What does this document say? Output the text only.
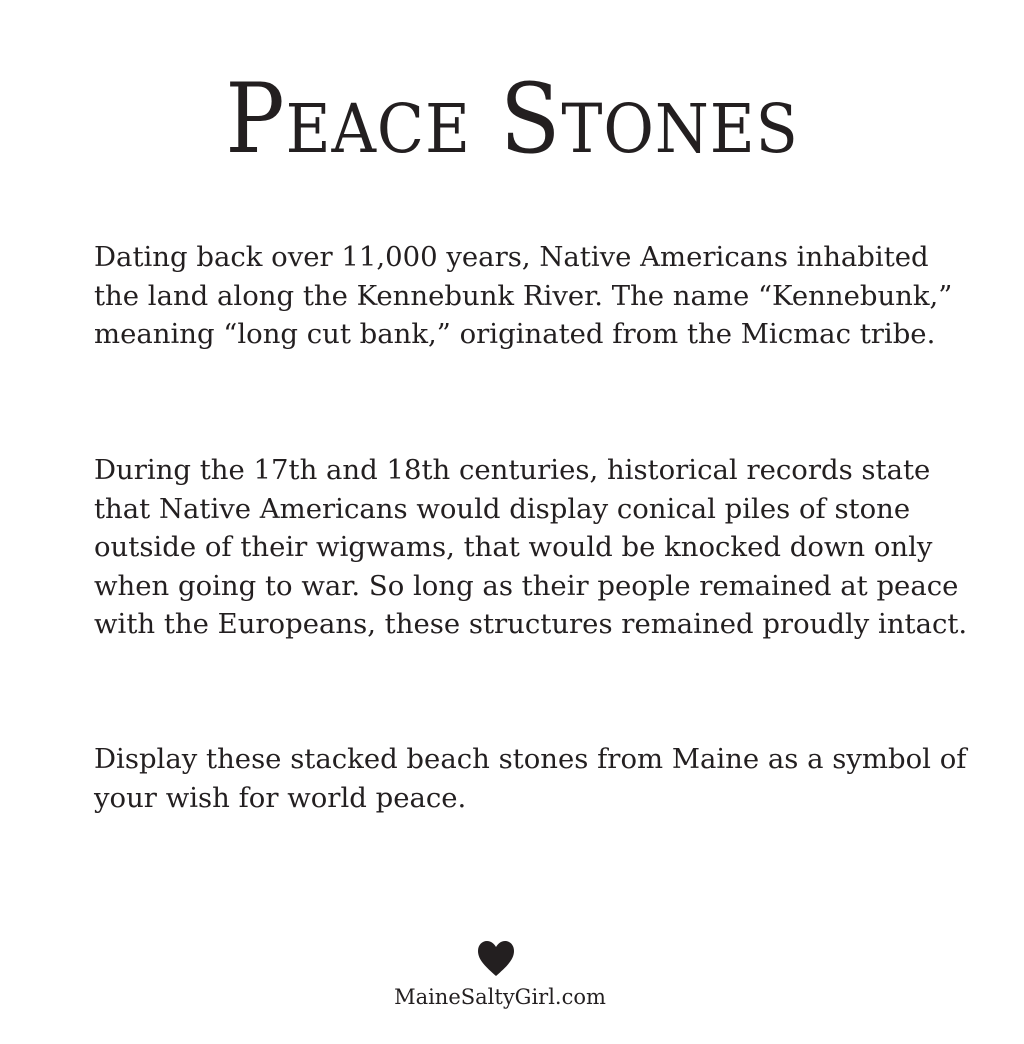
Peace Stones

Dating back over 11,000 years, Native Americans inhabited the land along the Kennebunk River. The name “Kennebunk,” meaning “long cut bank,” originated from the Micmac tribe.

During the 17th and 18th centuries, historical records state that Native Americans would display conical piles of stone outside of their wigwams, that would be knocked down only when going to war. So long as their people remained at peace with the Europeans, these structures remained proudly intact.

Display these stacked beach stones from Maine as a symbol of your wish for world peace.

MaineSaltyGirl.com
